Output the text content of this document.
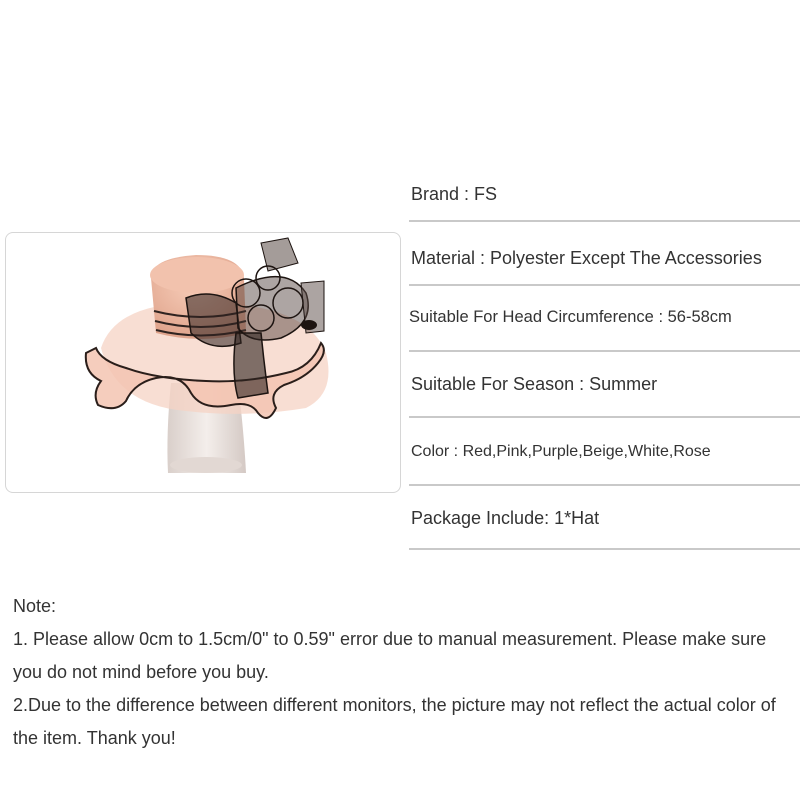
Brand : FS
Material : Polyester Except The Accessories
Suitable For Head Circumference : 56-58cm
Suitable For Season : Summer
Color : Red,Pink,Purple,Beige,White,Rose
Package Include: 1*Hat

Note:

1. Please allow 0cm to 1.5cm/0" to 0.59" error due to manual measurement. Please make sure you do not mind before you buy.

2.Due to the difference between different monitors, the picture may not reflect the actual color of the item. Thank you!
